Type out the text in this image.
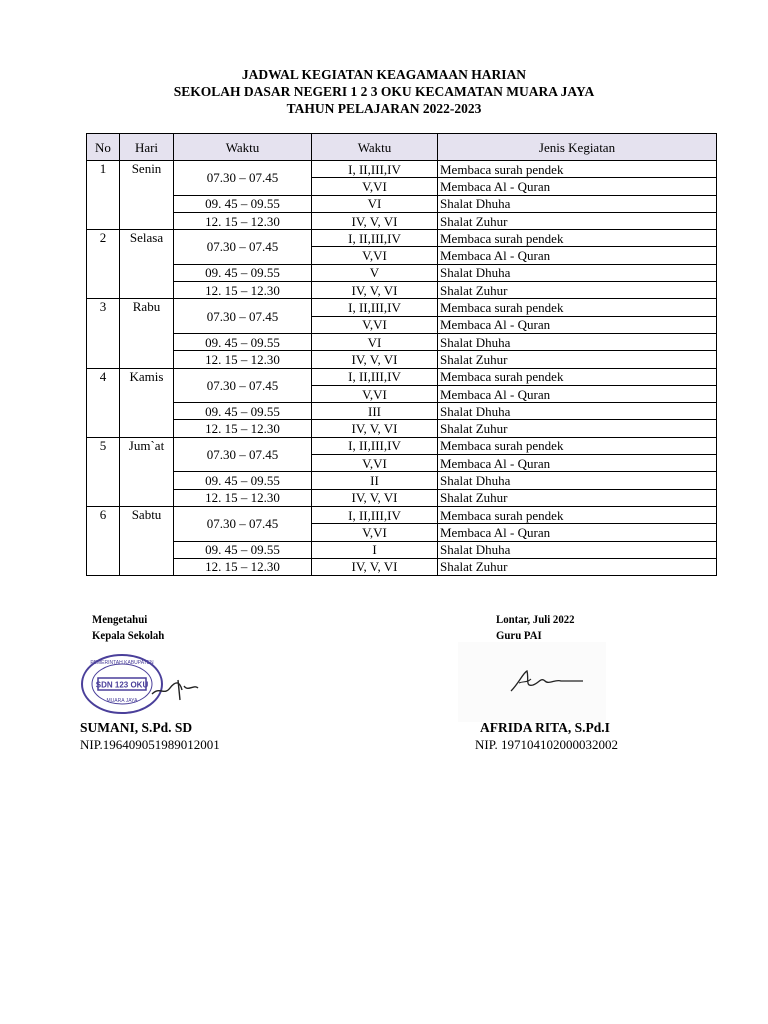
JADWAL KEGIATAN KEAGAMAAN HARIAN
SEKOLAH DASAR NEGERI 1 2 3 OKU KECAMATAN MUARA JAYA
TAHUN PELAJARAN 2022-2023
No	Hari	Waktu	Waktu	Jenis Kegiatan
1	Senin	07.30 – 07.45	I, II,III,IV	Membaca surah pendek
			V,VI	Membaca Al - Quran
		09. 45 – 09.55	VI	Shalat Dhuha
		12. 15 – 12.30	IV, V, VI	Shalat Zuhur
2	Selasa	07.30 – 07.45	I, II,III,IV	Membaca surah pendek
			V,VI	Membaca Al - Quran
		09. 45 – 09.55	V	Shalat Dhuha
		12. 15 – 12.30	IV, V, VI	Shalat Zuhur
3	Rabu	07.30 – 07.45	I, II,III,IV	Membaca surah pendek
			V,VI	Membaca Al - Quran
		09. 45 – 09.55	VI	Shalat Dhuha
		12. 15 – 12.30	IV, V, VI	Shalat Zuhur
4	Kamis	07.30 – 07.45	I, II,III,IV	Membaca surah pendek
			V,VI	Membaca Al - Quran
		09. 45 – 09.55	III	Shalat Dhuha
		12. 15 – 12.30	IV, V, VI	Shalat Zuhur
5	Jum`at	07.30 – 07.45	I, II,III,IV	Membaca surah pendek
			V,VI	Membaca Al - Quran
		09. 45 – 09.55	II	Shalat Dhuha
		12. 15 – 12.30	IV, V, VI	Shalat Zuhur
6	Sabtu	07.30 – 07.45	I, II,III,IV	Membaca surah pendek
			V,VI	Membaca Al - Quran
		09. 45 – 09.55	I	Shalat Dhuha
		12. 15 – 12.30	IV, V, VI	Shalat Zuhur
Mengetahui
Kepala Sekolah
Lontar, Juli 2022
Guru PAI
SDN 123 OKU
PEMERINTAH KABUPATEN
MUARA JAYA
SUMANI, S.Pd. SD
NIP.196409051989012001
AFRIDA RITA, S.Pd.I
NIP. 197104102000032002
